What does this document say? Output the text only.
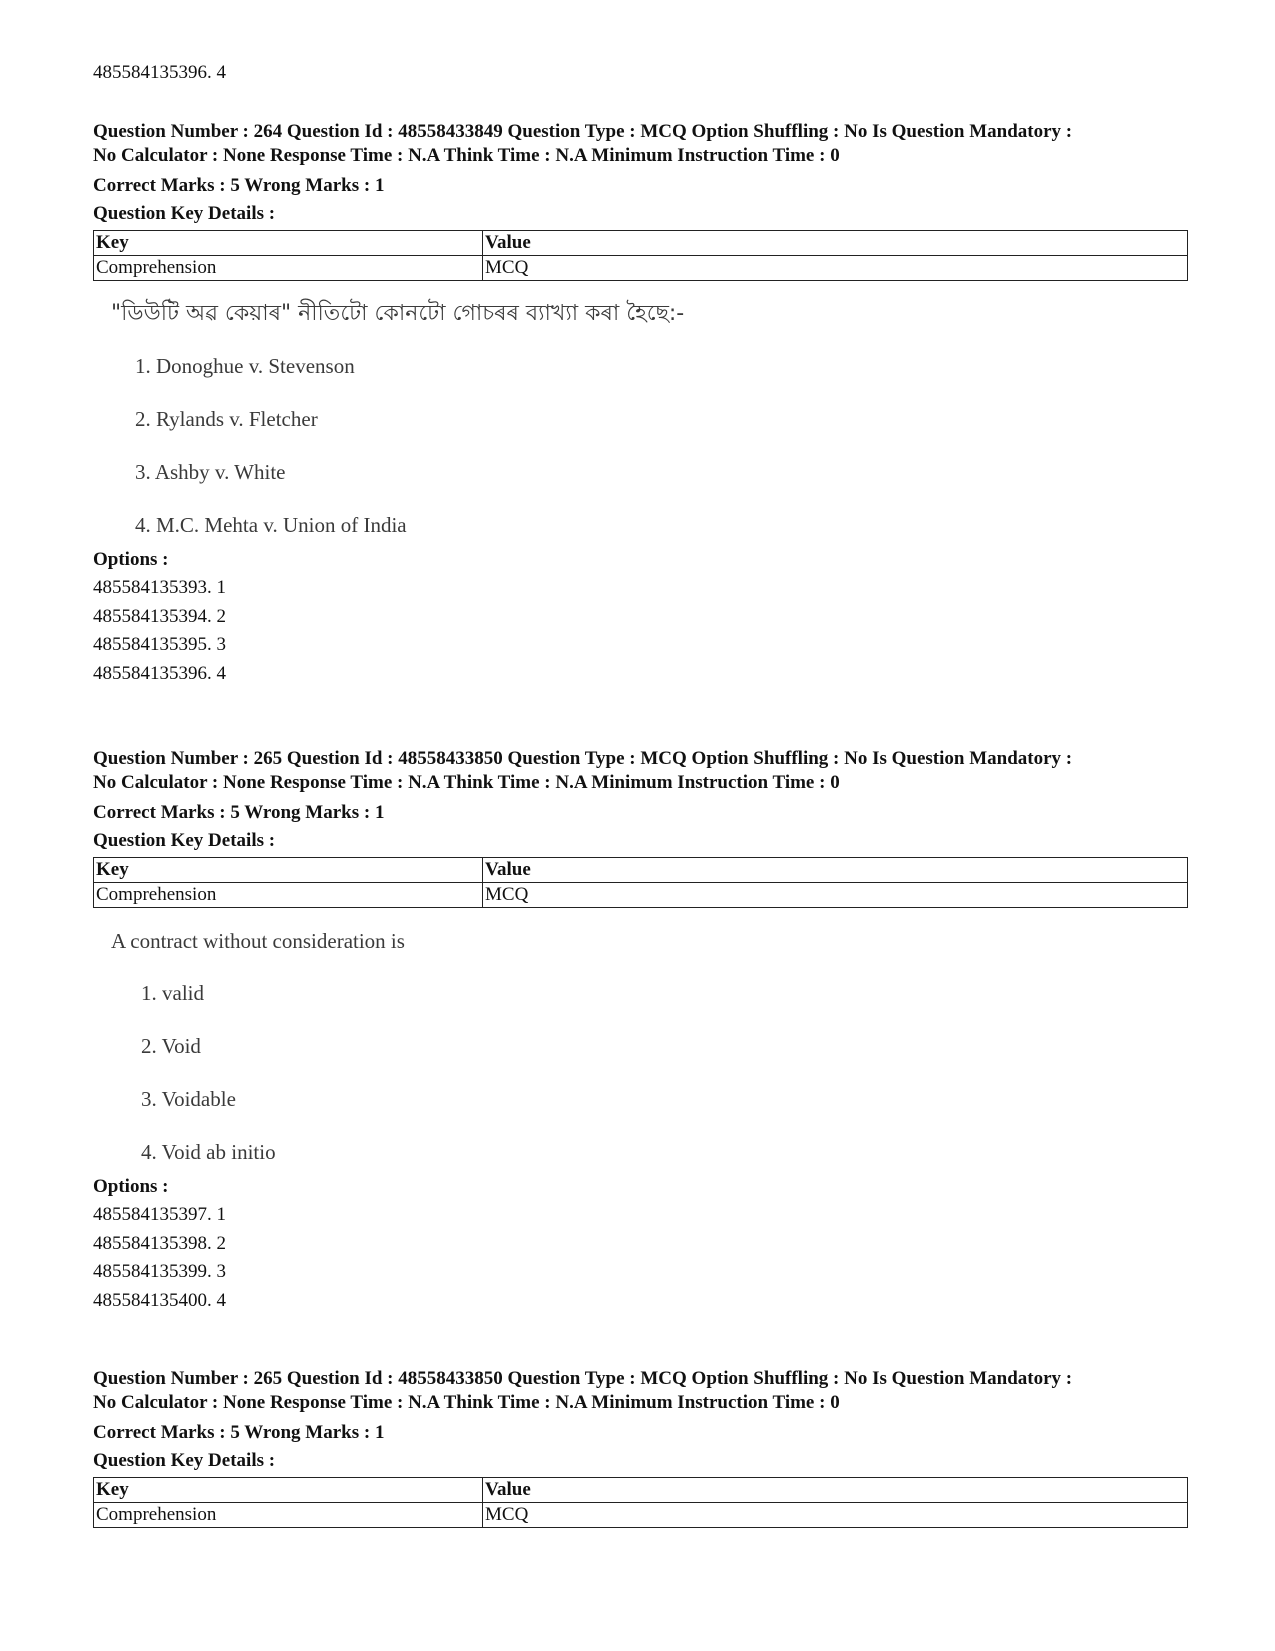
485584135396. 4
Question Number : 264 Question Id : 48558433849 Question Type : MCQ Option Shuffling : No Is Question Mandatory :
No Calculator : None Response Time : N.A Think Time : N.A Minimum Instruction Time : 0
Correct Marks : 5 Wrong Marks : 1
Question Key Details :
Key	Value
Comprehension	MCQ
"ডিউটি অৱ কেয়াৰ" নীতিটো কোনটো গোচৰৰ ব্যাখ্যা কৰা হৈছে:-
1. Donoghue v. Stevenson
2. Rylands v. Fletcher
3. Ashby v. White
4. M.C. Mehta v. Union of India
Options :
485584135393. 1
485584135394. 2
485584135395. 3
485584135396. 4
Question Number : 265 Question Id : 48558433850 Question Type : MCQ Option Shuffling : No Is Question Mandatory :
No Calculator : None Response Time : N.A Think Time : N.A Minimum Instruction Time : 0
Correct Marks : 5 Wrong Marks : 1
Question Key Details :
Key	Value
Comprehension	MCQ
A contract without consideration is
1. valid
2. Void
3. Voidable
4. Void ab initio
Options :
485584135397. 1
485584135398. 2
485584135399. 3
485584135400. 4
Question Number : 265 Question Id : 48558433850 Question Type : MCQ Option Shuffling : No Is Question Mandatory :
No Calculator : None Response Time : N.A Think Time : N.A Minimum Instruction Time : 0
Correct Marks : 5 Wrong Marks : 1
Question Key Details :
Key	Value
Comprehension	MCQ
